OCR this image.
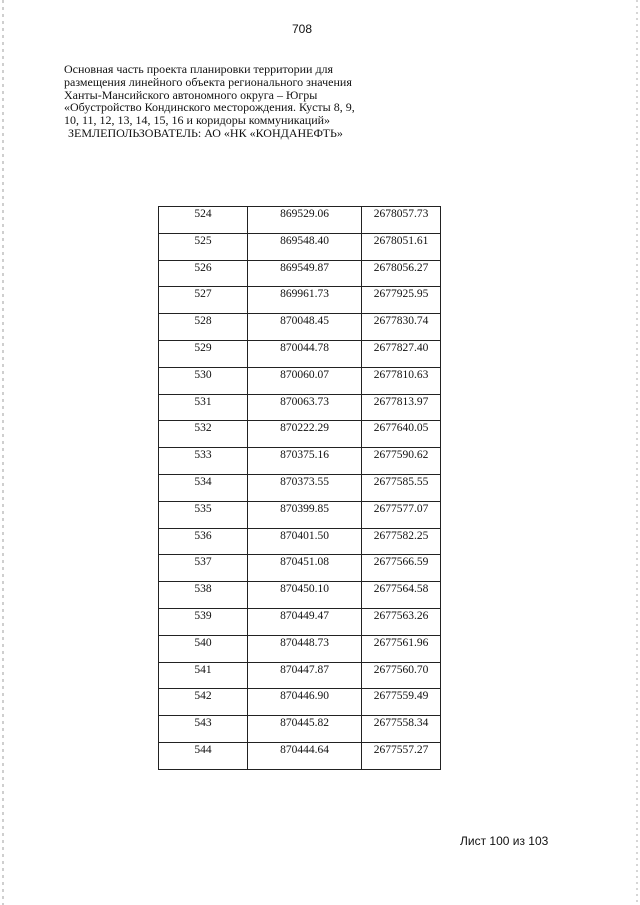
708
Основная часть проекта планировки территории для
размещения линейного объекта регионального значения
Ханты-Мансийского автономного округа – Югры
«Обустройство Кондинского месторождения. Кусты 8, 9,
10, 11, 12, 13, 14, 15, 16 и коридоры коммуникаций»
ЗЕМЛЕПОЛЬЗОВАТЕЛЬ: АО «НК «КОНДАНЕФТЬ»
524	869529.06	2678057.73

525	869548.40	2678051.61

526	869549.87	2678056.27

527	869961.73	2677925.95

528	870048.45	2677830.74

529	870044.78	2677827.40

530	870060.07	2677810.63

531	870063.73	2677813.97

532	870222.29	2677640.05

533	870375.16	2677590.62

534	870373.55	2677585.55

535	870399.85	2677577.07

536	870401.50	2677582.25

537	870451.08	2677566.59

538	870450.10	2677564.58

539	870449.47	2677563.26

540	870448.73	2677561.96

541	870447.87	2677560.70

542	870446.90	2677559.49

543	870445.82	2677558.34

544	870444.64	2677557.27
Лист 100 из 103
